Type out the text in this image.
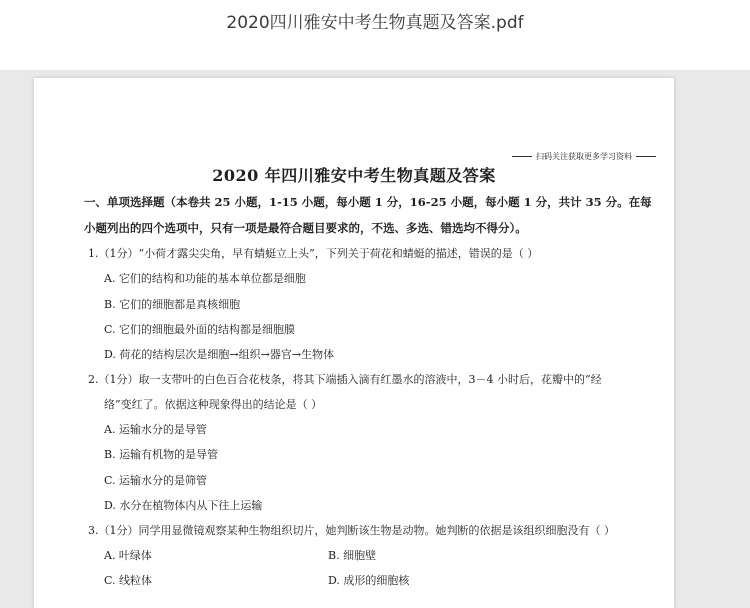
2020四川雅安中考生物真题及答案.pdf
扫码关注获取更多学习资料
2020 年四川雅安中考生物真题及答案
一、单项选择题（本卷共 25 小题，1-15 小题，每小题 1 分，16-25 小题，每小题 1 分，共计 35 分。在每
小题列出的四个选项中，只有一项是最符合题目要求的，不选、多选、错选均不得分）。
1.（1分）“小荷才露尖尖角，早有蜻蜓立上头”，下列关于荷花和蜻蜓的描述，错误的是（ ）
A. 它们的结构和功能的基本单位都是细胞
B. 它们的细胞都是真核细胞
C. 它们的细胞最外面的结构都是细胞膜
D. 荷花的结构层次是细胞→组织→器官→生物体
2.（1分）取一支带叶的白色百合花枝条，将其下端插入滴有红墨水的溶液中，3－4 小时后，花瓣中的“经
络”变红了。依据这种现象得出的结论是（ ）
A. 运输水分的是导管
B. 运输有机物的是导管
C. 运输水分的是筛管
D. 水分在植物体内从下往上运输
3.（1分）同学用显微镜观察某种生物组织切片，她判断该生物是动物。她判断的依据是该组织细胞没有（ ）
A. 叶绿体	B. 细胞壁
C. 线粒体	D. 成形的细胞核
